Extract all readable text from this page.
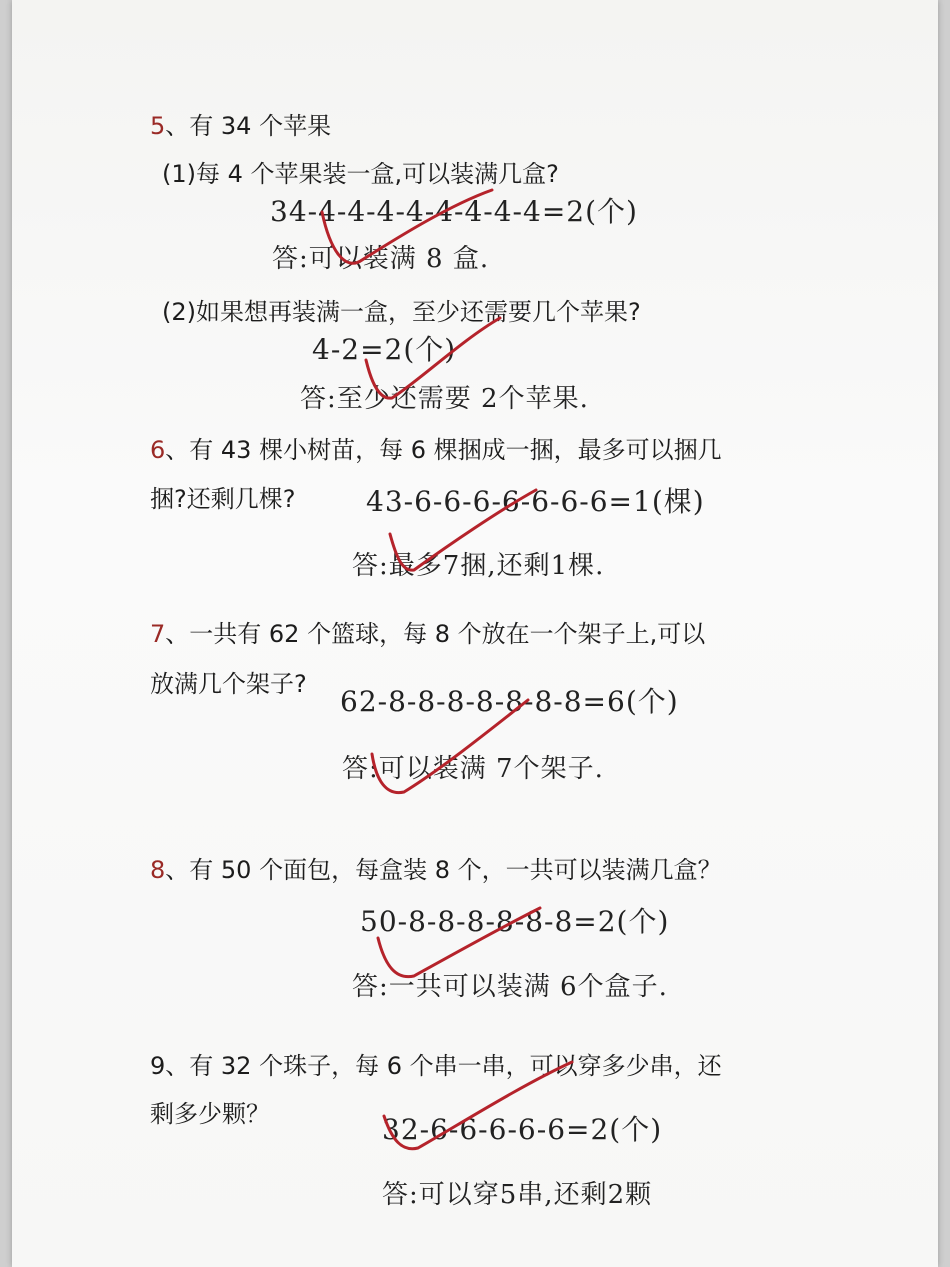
5、有 34 个苹果
(1)每 4 个苹果装一盒,可以装满几盒?
34-4-4-4-4-4-4-4-4=2(个)
答:可以装满 8 盒.
(2)如果想再装满一盒，至少还需要几个苹果?
4-2=2(个)
答:至少还需要 2个苹果.
6、有 43 棵小树苗，每 6 棵捆成一捆，最多可以捆几
捆?还剩几棵?	43-6-6-6-6-6-6-6=1(棵)
答:最多7捆,还剩1棵.
7、一共有 62 个篮球，每 8 个放在一个架子上,可以
放满几个架子?
62-8-8-8-8-8-8-8=6(个)
答:可以装满 7个架子.
8、有 50 个面包，每盒装 8 个，一共可以装满几盒？
50-8-8-8-8-8-8=2(个)
答:一共可以装满 6个盒子.
9、有 32 个珠子，每 6 个串一串，可以穿多少串，还
剩多少颗？	32-6-6-6-6-6=2(个)
答:可以穿5串,还剩2颗
